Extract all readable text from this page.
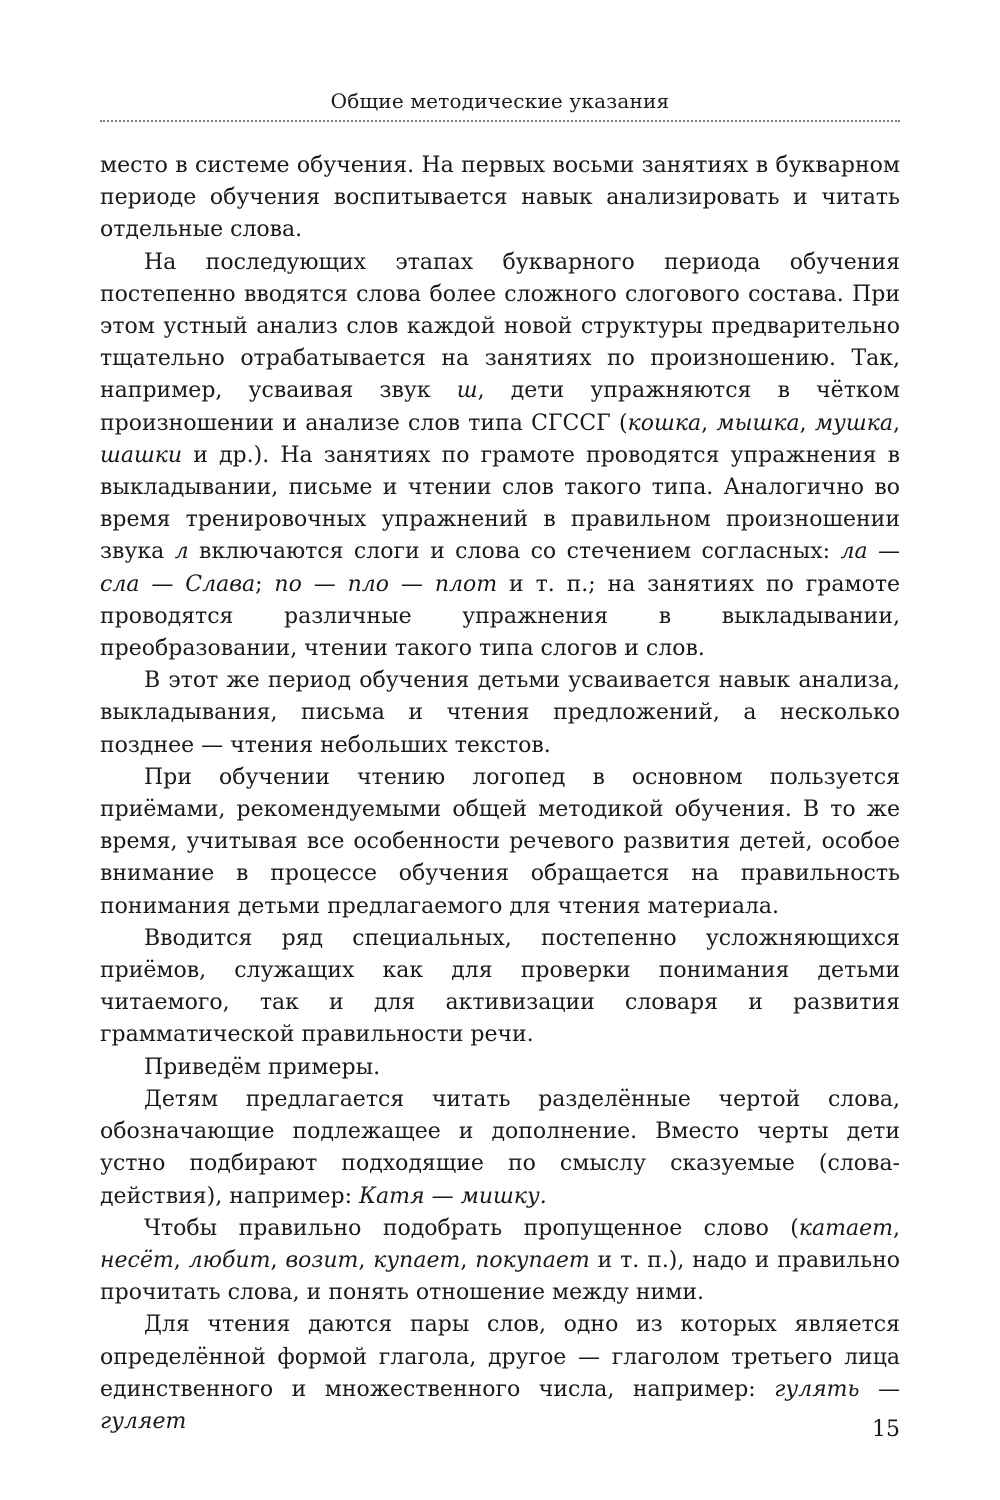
Общие методические указания

место в системе обучения. На первых восьми занятиях в букварном периоде обучения воспитывается навык анализировать и читать отдельные слова.

На последующих этапах букварного периода обучения постепенно вводятся слова более сложного слогового состава. При этом устный анализ слов каждой новой структуры предварительно тщательно отрабатывается на занятиях по произношению. Так, например, усваивая звук ш, дети упражняются в чётком произношении и анализе слов типа СГССГ (кошка, мышка, мушка, шашки и др.). На занятиях по грамоте проводятся упражнения в выкладывании, письме и чтении слов такого типа. Аналогично во время тренировочных упражнений в правильном произношении звука л включаются слоги и слова со стечением согласных: ла — сла — Слава; по — пло — плот и т. п.; на занятиях по грамоте проводятся различные упражнения в выкладывании, преобразовании, чтении такого типа слогов и слов.

В этот же период обучения детьми усваивается навык анализа, выкладывания, письма и чтения предложений, а несколько позднее — чтения небольших текстов.

При обучении чтению логопед в основном пользуется приёмами, рекомендуемыми общей методикой обучения. В то же время, учитывая все особенности речевого развития детей, особое внимание в процессе обучения обращается на правильность понимания детьми предлагаемого для чтения материала.

Вводится ряд специальных, постепенно усложняющихся приёмов, служащих как для проверки понимания детьми читаемого, так и для активизации словаря и развития грамматической правильности речи.

Приведём примеры.

Детям предлагается читать разделённые чертой слова, обозначающие подлежащее и дополнение. Вместо черты дети устно подбирают подходящие по смыслу сказуемые (слова-действия), например: Катя — мишку.

Чтобы правильно подобрать пропущенное слово (катает, несёт, любит, возит, купает, покупает и т. п.), надо и правильно прочитать слова, и понять отношение между ними.

Для чтения даются пары слов, одно из которых является определённой формой глагола, другое — глаголом третьего лица единственного и множественного числа, например: гулять — гуляет	15
